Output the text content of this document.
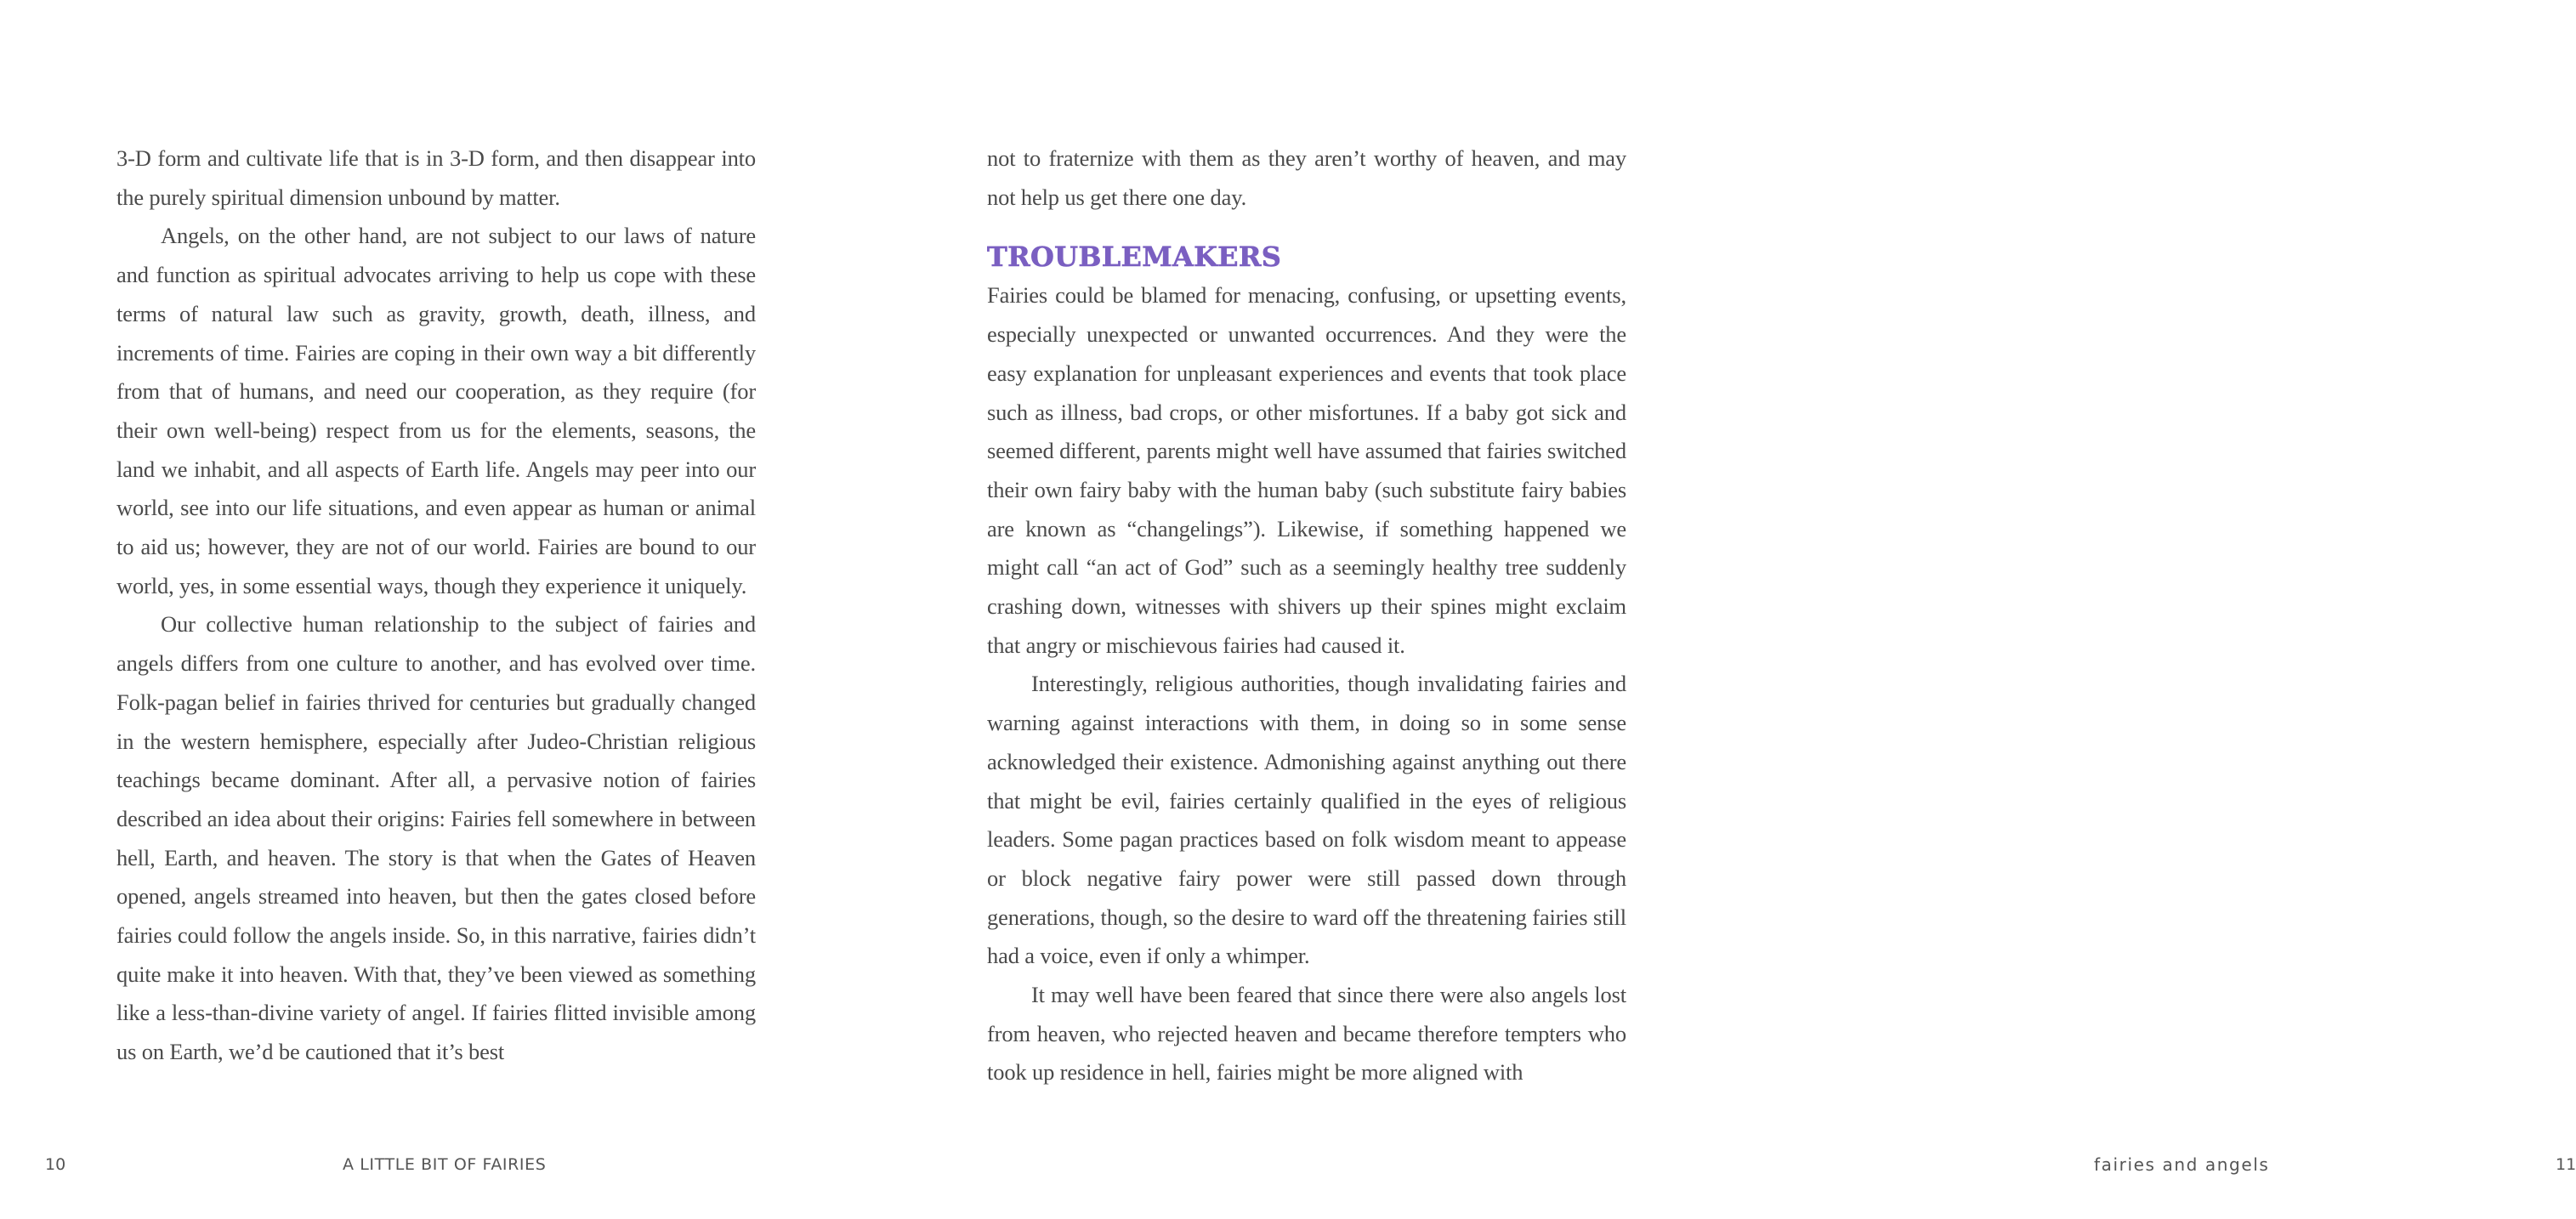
3-D form and cultivate life that is in 3-D form, and then disappear into the purely spiritual dimension unbound by matter.

Angels, on the other hand, are not subject to our laws of nature and function as spiritual advocates arriving to help us cope with these terms of natural law such as gravity, growth, death, illness, and increments of time. Fairies are coping in their own way a bit differently from that of humans, and need our cooperation, as they require (for their own well-being) respect from us for the elements, seasons, the land we inhabit, and all aspects of Earth life. Angels may peer into our world, see into our life situations, and even appear as human or animal to aid us; however, they are not of our world. Fairies are bound to our world, yes, in some essential ways, though they experience it uniquely.

Our collective human relationship to the subject of fairies and angels differs from one culture to another, and has evolved over time. Folk-pagan belief in fairies thrived for centuries but gradually changed in the western hemisphere, especially after Judeo-Christian religious teachings became dominant. After all, a pervasive notion of fairies described an idea about their origins: Fairies fell somewhere in between hell, Earth, and heaven. The story is that when the Gates of Heaven opened, angels streamed into heaven, but then the gates closed before fairies could follow the angels inside. So, in this narrative, fairies didn’t quite make it into heaven. With that, they’ve been viewed as something like a less-than-divine variety of angel. If fairies flitted invisible among us on Earth, we’d be cautioned that it’s best

10	A LITTLE BIT OF FAIRIES

not to fraternize with them as they aren’t worthy of heaven, and may not help us get there one day.

TROUBLEMAKERS

Fairies could be blamed for menacing, confusing, or upsetting events, especially unexpected or unwanted occurrences. And they were the easy explanation for unpleasant experiences and events that took place such as illness, bad crops, or other misfortunes. If a baby got sick and seemed different, parents might well have assumed that fairies switched their own fairy baby with the human baby (such substitute fairy babies are known as “changelings”). Likewise, if something happened we might call “an act of God” such as a seemingly healthy tree suddenly crashing down, witnesses with shivers up their spines might exclaim that angry or mischievous fairies had caused it.

Interestingly, religious authorities, though invalidating fairies and warning against interactions with them, in doing so in some sense acknowledged their existence. Admonishing against anything out there that might be evil, fairies certainly qualified in the eyes of religious leaders. Some pagan practices based on folk wisdom meant to appease or block negative fairy power were still passed down through generations, though, so the desire to ward off the threatening fairies still had a voice, even if only a whimper.

It may well have been feared that since there were also angels lost from heaven, who rejected heaven and became therefore tempters who took up residence in hell, fairies might be more aligned with

fairies and angels	11
